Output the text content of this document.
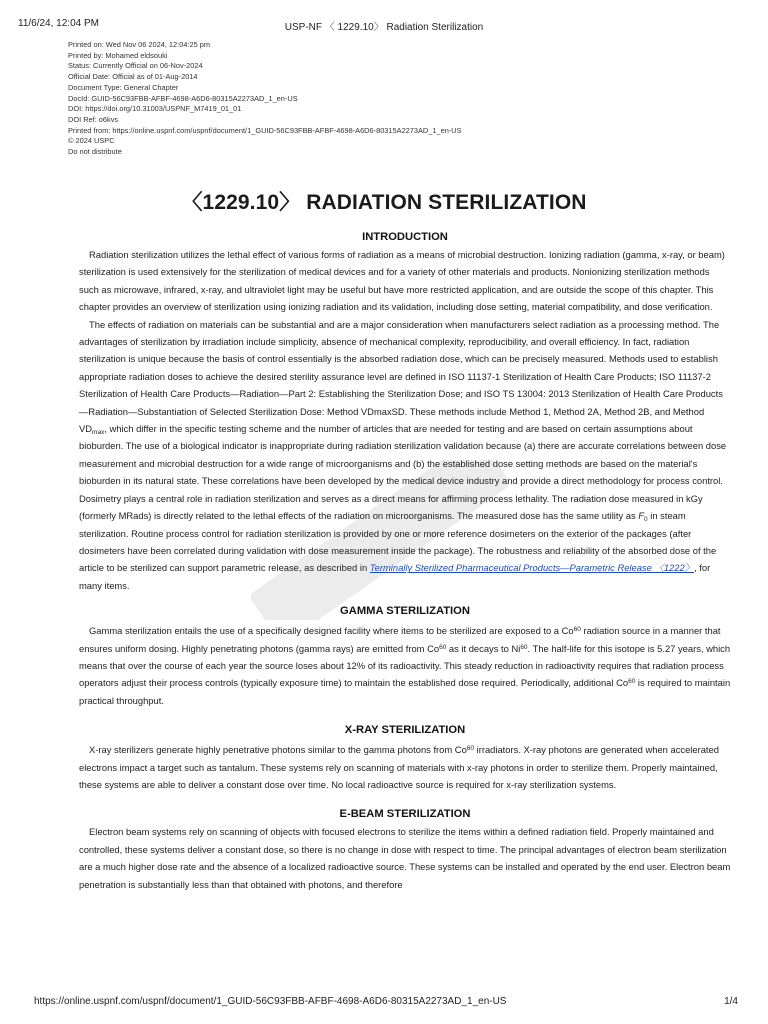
11/6/24, 12:04 PM	USP-NF 〈 1229.10〉 Radiation Sterilization
Printed on: Wed Nov 06 2024, 12:04:25 pm
Printed by: Mohamed eldsouki
Status: Currently Official on 06-Nov-2024
Official Date: Official as of 01-Aug-2014
Document Type: General Chapter
DocId: GUID-56C93FBB-AFBF-4698-A6D6-80315A2273AD_1_en-US
DOI: https://doi.org/10.31003/USPNF_M7419_01_01
DOI Ref: o6kvs
Printed from: https://online.uspnf.com/uspnf/document/1_GUID-56C93FBB-AFBF-4698-A6D6-80315A2273AD_1_en-US
© 2024 USPC
Do not distribute
〈1229.10〉 RADIATION STERILIZATION
INTRODUCTION

Radiation sterilization utilizes the lethal effect of various forms of radiation as a means of microbial destruction. Ionizing radiation (gamma, x-ray, or beam) sterilization is used extensively for the sterilization of medical devices and for a variety of other materials and products. Nonionizing sterilization methods such as microwave, infrared, x-ray, and ultraviolet light may be useful but have more restricted application, and are outside the scope of this chapter. This chapter provides an overview of sterilization using ionizing radiation and its validation, including dose setting, material compatibility, and dose verification.

The effects of radiation on materials can be substantial and are a major consideration when manufacturers select radiation as a processing method. The advantages of sterilization by irradiation include simplicity, absence of mechanical complexity, reproducibility, and overall efficiency. In fact, radiation sterilization is unique because the basis of control essentially is the absorbed radiation dose, which can be precisely measured. Methods used to establish appropriate radiation doses to achieve the desired sterility assurance level are defined in ISO 11137-1 Sterilization of Health Care Products; ISO 11137-2 Sterilization of Health Care Products—Radiation—Part 2: Establishing the Sterilization Dose; and ISO TS 13004: 2013 Sterilization of Health Care Products—Radiation—Substantiation of Selected Sterilization Dose: Method VDmaxSD. These methods include Method 1, Method 2A, Method 2B, and Method $VD_{max}$, which differ in the specific testing scheme and the number of articles that are needed for testing and are based on certain assumptions about bioburden. The use of a biological indicator is inappropriate during radiation sterilization validation because (a) there are accurate correlations between dose measurement and microbial destruction for a wide range of microorganisms and (b) the established dose setting methods are based on the material's bioburden in its natural state. These correlations have been developed by the medical device industry and provide a direct methodology for process control. Dosimetry plays a central role in radiation sterilization and serves as a direct means for affirming process lethality. The radiation dose measured in kGy (formerly MRads) is directly related to the lethal effects of the radiation on microorganisms. The measured dose has the same utility as $F_0$ in steam sterilization. Routine process control for radiation sterilization is provided by one or more reference dosimeters on the exterior of the packages (after dosimeters have been correlated during validation with dose measurement inside the package). The robustness and reliability of the absorbed dose of the article to be sterilized can support parametric release, as described in Terminally Sterilized Pharmaceutical Products—Parametric Release 〈1222〉, for many items.

GAMMA STERILIZATION

Gamma sterilization entails the use of a specifically designed facility where items to be sterilized are exposed to a Co$^{60}$ radiation source in a manner that ensures uniform dosing. Highly penetrating photons (gamma rays) are emitted from Co$^{60}$ as it decays to Ni$^{60}$. The half-life for this isotope is 5.27 years, which means that over the course of each year the source loses about 12% of its radioactivity. This steady reduction in radioactivity requires that radiation process operators adjust their process controls (typically exposure time) to maintain the established dose required. Periodically, additional Co$^{60}$ is required to maintain practical throughput.

X-RAY STERILIZATION

X-ray sterilizers generate highly penetrative photons similar to the gamma photons from Co$^{60}$ irradiators. X-ray photons are generated when accelerated electrons impact a target such as tantalum. These systems rely on scanning of materials with x-ray photons in order to sterilize them. Properly maintained, these systems are able to deliver a constant dose over time. No local radioactive source is required for x-ray sterilization systems.

E-BEAM STERILIZATION

Electron beam systems rely on scanning of objects with focused electrons to sterilize the items within a defined radiation field. Properly maintained and controlled, these systems deliver a constant dose, so there is no change in dose with respect to time. The principal advantages of electron beam sterilization are a much higher dose rate and the absence of a localized radioactive source. These systems can be installed and operated by the end user. Electron beam penetration is substantially less than that obtained with photons, and therefore

https://online.uspnf.com/uspnf/document/1_GUID-56C93FBB-AFBF-4698-A6D6-80315A2273AD_1_en-US	1/4
